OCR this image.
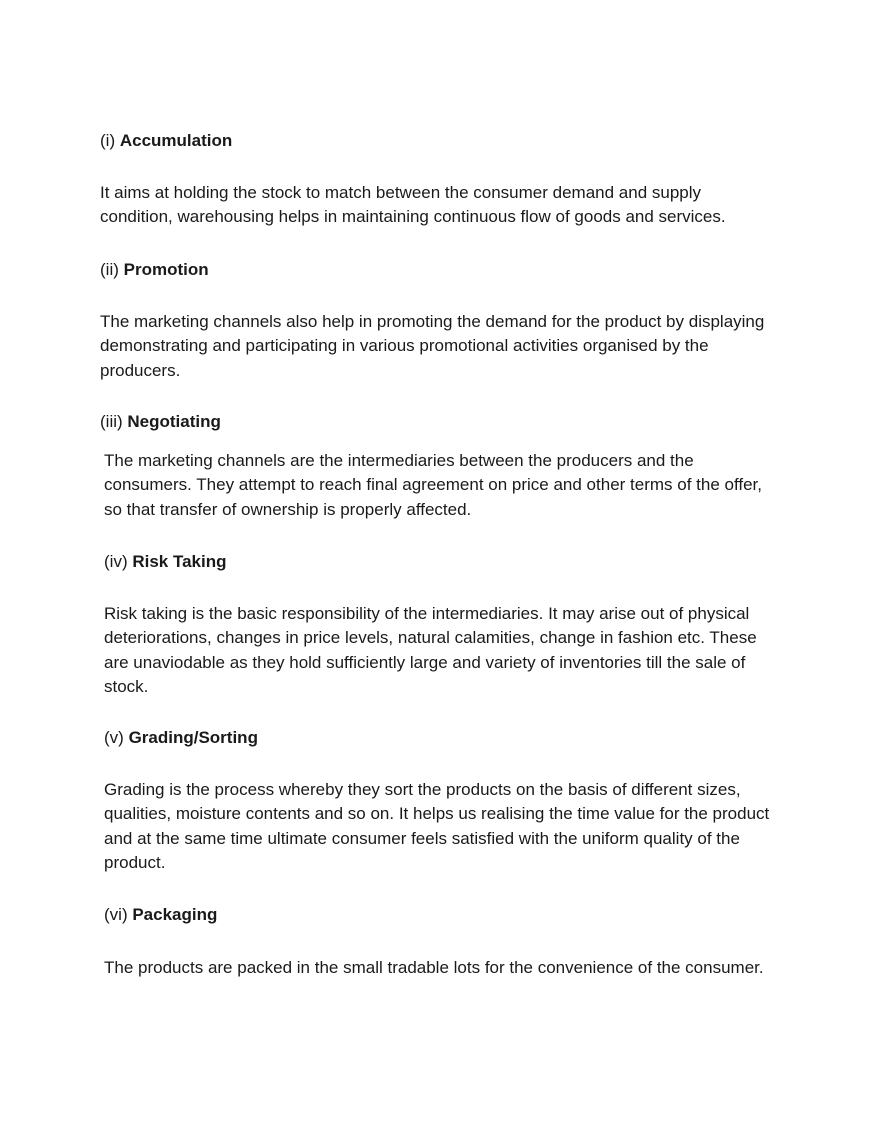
(i) Accumulation

It aims at holding the stock to match between the consumer demand and supply condition, warehousing helps in maintaining continuous flow of goods and services.

(ii) Promotion

The marketing channels also help in promoting the demand for the product by displaying demonstrating and participating in various promotional activities organised by the producers.

(iii) Negotiating

The marketing channels are the intermediaries between the producers and the consumers. They attempt to reach final agreement on price and other terms of the offer, so that transfer of ownership is properly affected.

(iv) Risk Taking

Risk taking is the basic responsibility of the intermediaries. It may arise out of physical deteriorations, changes in price levels, natural calamities, change in fashion etc. These are unaviodable as they hold sufficiently large and variety of inventories till the sale of stock.

(v) Grading/Sorting

Grading is the process whereby they sort the products on the basis of different sizes, qualities, moisture contents and so on. It helps us realising the time value for the product and at the same time ultimate consumer feels satisfied with the uniform quality of the product.

(vi) Packaging

The products are packed in the small tradable lots for the convenience of the consumer.
